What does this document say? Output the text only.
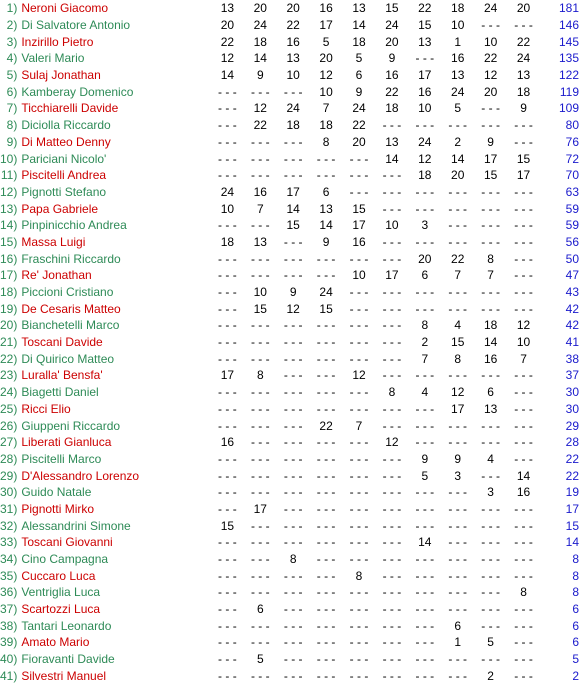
1)	Neroni Giacomo	13	20	20	16	13	15	22	18	24	20	181
2)	Di Salvatore Antonio	20	24	22	17	14	24	15	10	- - -	- - -	146
3)	Inzirillo Pietro	22	18	16	5	18	20	13	1	10	22	145
4)	Valeri Mario	12	14	13	20	5	9	- - -	16	22	24	135
5)	Sulaj Jonathan	14	9	10	12	6	16	17	13	12	13	122
6)	Kamberay Domenico	- - -	- - -	- - -	10	9	22	16	24	20	18	119
7)	Ticchiarelli Davide	- - -	12	24	7	24	18	10	5	- - -	9	109
8)	Diciolla Riccardo	- - -	22	18	18	22	- - -	- - -	- - -	- - -	- - -	80
9)	Di Matteo Denny	- - -	- - -	- - -	8	20	13	24	2	9	- - -	76
10)	Pariciani Nicolo'	- - -	- - -	- - -	- - -	- - -	14	12	14	17	15	72
11)	Piscitelli Andrea	- - -	- - -	- - -	- - -	- - -	- - -	18	20	15	17	70
12)	Pignotti Stefano	24	16	17	6	- - -	- - -	- - -	- - -	- - -	- - -	63
13)	Papa Gabriele	10	7	14	13	15	- - -	- - -	- - -	- - -	- - -	59
14)	Pinpinicchio Andrea	- - -	- - -	15	14	17	10	3	- - -	- - -	- - -	59
15)	Massa Luigi	18	13	- - -	9	16	- - -	- - -	- - -	- - -	- - -	56
16)	Fraschini Riccardo	- - -	- - -	- - -	- - -	- - -	- - -	20	22	8	- - -	50
17)	Re' Jonathan	- - -	- - -	- - -	- - -	10	17	6	7	7	- - -	47
18)	Piccioni Cristiano	- - -	10	9	24	- - -	- - -	- - -	- - -	- - -	- - -	43
19)	De Cesaris Matteo	- - -	15	12	15	- - -	- - -	- - -	- - -	- - -	- - -	42
20)	Bianchetelli Marco	- - -	- - -	- - -	- - -	- - -	- - -	8	4	18	12	42
21)	Toscani Davide	- - -	- - -	- - -	- - -	- - -	- - -	2	15	14	10	41
22)	Di Quirico Matteo	- - -	- - -	- - -	- - -	- - -	- - -	7	8	16	7	38
23)	Luralla' Bensfa'	17	8	- - -	- - -	12	- - -	- - -	- - -	- - -	- - -	37
24)	Biagetti Daniel	- - -	- - -	- - -	- - -	- - -	8	4	12	6	- - -	30
25)	Ricci Elio	- - -	- - -	- - -	- - -	- - -	- - -	- - -	17	13	- - -	30
26)	Giuppeni Riccardo	- - -	- - -	- - -	22	7	- - -	- - -	- - -	- - -	- - -	29
27)	Liberati Gianluca	16	- - -	- - -	- - -	- - -	12	- - -	- - -	- - -	- - -	28
28)	Piscitelli Marco	- - -	- - -	- - -	- - -	- - -	- - -	9	9	4	- - -	22
29)	D'Alessandro Lorenzo	- - -	- - -	- - -	- - -	- - -	- - -	5	3	- - -	14	22
30)	Guido Natale	- - -	- - -	- - -	- - -	- - -	- - -	- - -	- - -	3	16	19
31)	Pignotti Mirko	- - -	17	- - -	- - -	- - -	- - -	- - -	- - -	- - -	- - -	17
32)	Alessandrini Simone	15	- - -	- - -	- - -	- - -	- - -	- - -	- - -	- - -	- - -	15
33)	Toscani Giovanni	- - -	- - -	- - -	- - -	- - -	- - -	14	- - -	- - -	- - -	14
34)	Cino Campagna	- - -	- - -	8	- - -	- - -	- - -	- - -	- - -	- - -	- - -	8
35)	Cuccaro Luca	- - -	- - -	- - -	- - -	8	- - -	- - -	- - -	- - -	- - -	8
36)	Ventriglia Luca	- - -	- - -	- - -	- - -	- - -	- - -	- - -	- - -	- - -	8	8
37)	Scartozzi Luca	- - -	6	- - -	- - -	- - -	- - -	- - -	- - -	- - -	- - -	6
38)	Tantari Leonardo	- - -	- - -	- - -	- - -	- - -	- - -	- - -	6	- - -	- - -	6
39)	Amato Mario	- - -	- - -	- - -	- - -	- - -	- - -	- - -	1	5	- - -	6
40)	Fioravanti Davide	- - -	5	- - -	- - -	- - -	- - -	- - -	- - -	- - -	- - -	5
41)	Silvestri Manuel	- - -	- - -	- - -	- - -	- - -	- - -	- - -	- - -	2	- - -	2
